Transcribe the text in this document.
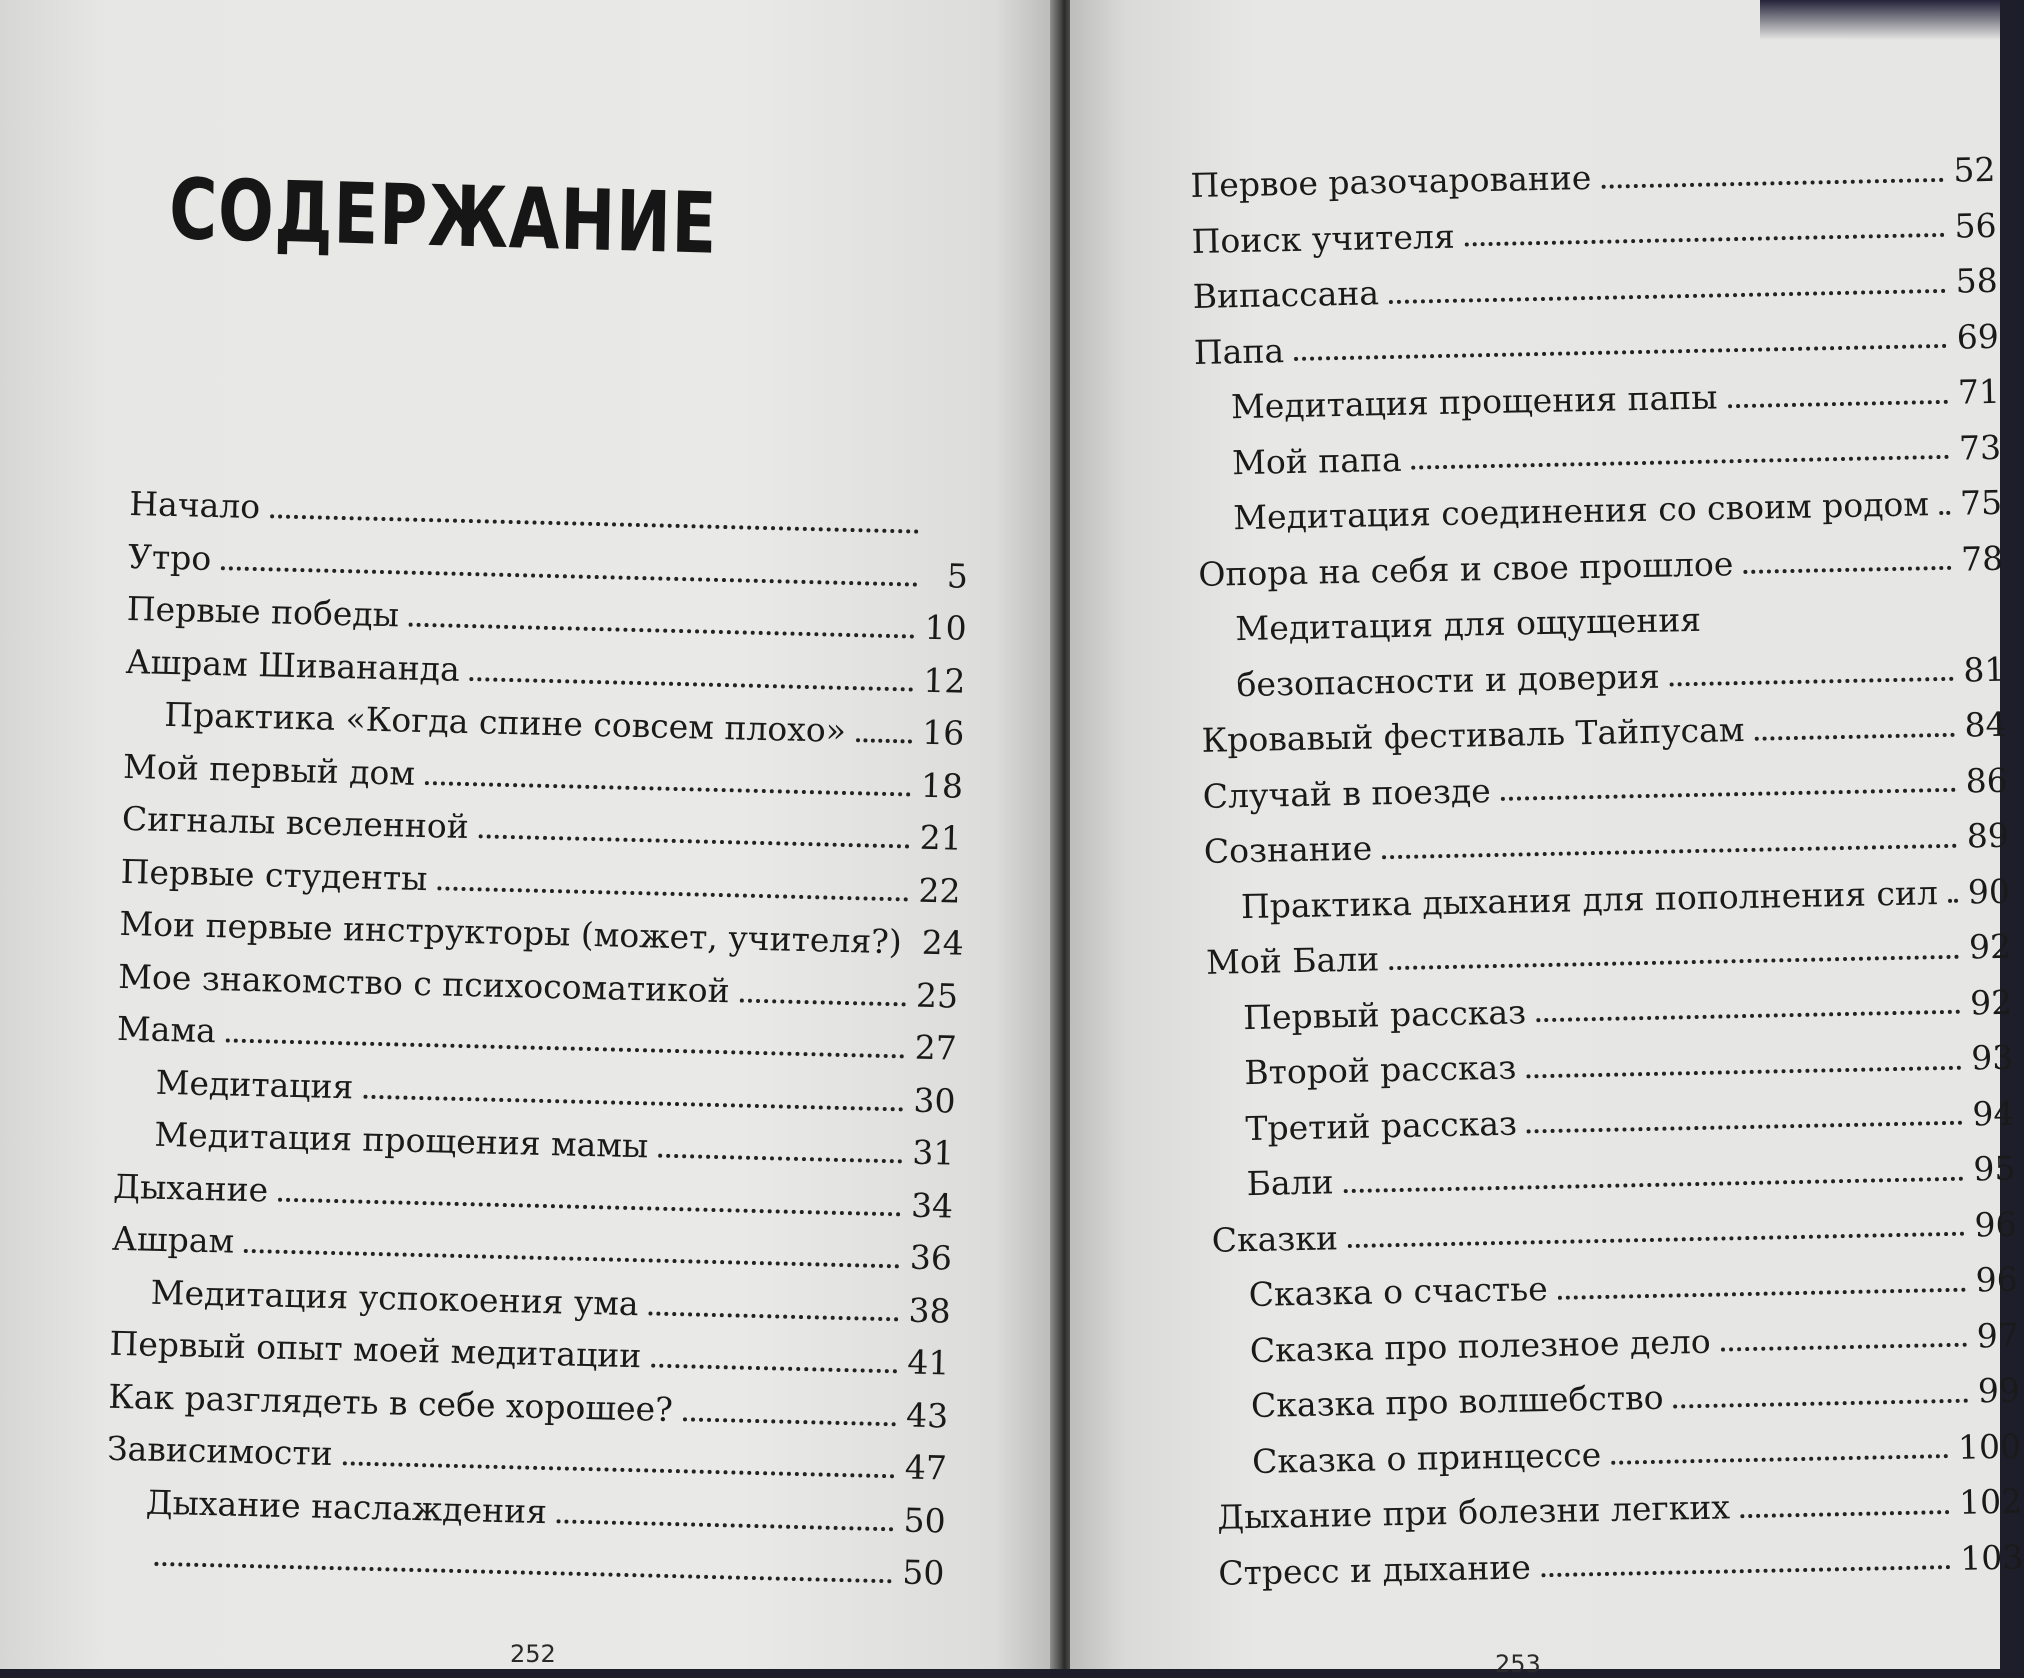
СОДЕРЖАНИЕ
Начало
Утро	5
Первые победы	10
Ашрам Шивананда	12
Практика «Когда спине совсем плохо» 16
Мой первый дом	18
Сигналы вселенной	21
Первые студенты	22
Мои первые инструкторы (может, учителя?) 24
Мое знакомство с психосоматикой	25
Мама	27
Медитация	30
Медитация прощения мамы	31
Дыхание	34
Ашрам	36
Медитация успокоения ума	38
Первый опыт моей медитации	41
Как разглядеть в себе хорошее?	43
Зависимости	47
Дыхание наслаждения	50
50
252
Первое разочарование	52
Поиск учителя	56
Випассана	58
Папа	69
Медитация прощения папы	71
Мой папа	73
Медитация соединения со своим родом 75
Опора на себя и свое прошлое	78
Медитация для ощущения
безопасности и доверия	81
Кровавый фестиваль Тайпусам	84
Случай в поезде	86
Сознание	89
Практика дыхания для пополнения сил 90
Мой Бали	92
Первый рассказ	92
Второй рассказ	93
Третий рассказ	94
Бали	95
Сказки	96
Сказка о счастье	96
Сказка про полезное дело	97
Сказка про волшебство	99
Сказка о принцессе	100
Дыхание при болезни легких	102
Стресс и дыхание	103
253
